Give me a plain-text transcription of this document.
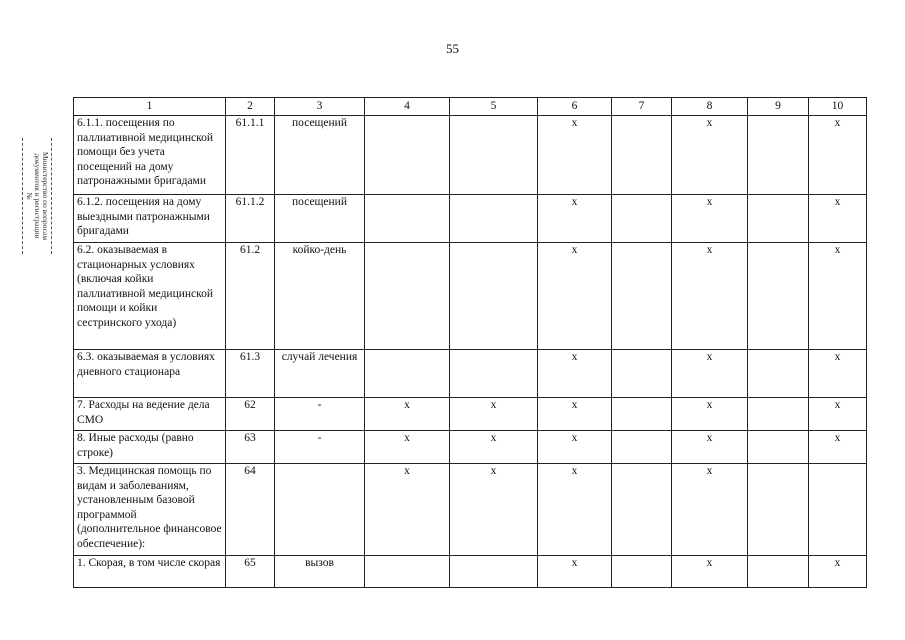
55
Министерство по вопросам
документов и регистрации
№
1	2	3	4	5	6	7	8	9	10
6.1.1. посещения по паллиативной медицинской помощи без учета посещений на дому патронажными бригадами	61.1.1	посещений			х		х		х
6.1.2. посещения на дому выездными патронажными бригадами	61.1.2	посещений			х		х		х
6.2. оказываемая в стационарных условиях (включая койки паллиативной медицинской помощи и койки сестринского ухода)	61.2	койко-день			х		х		х
6.3. оказываемая в условиях дневного стационара	61.3	случай лечения			х		х		х
7. Расходы на ведение дела СМО	62	-	х	х	х		х		х
8. Иные расходы (равно строке)	63	-	х	х	х		х		х
3. Медицинская помощь по видам и заболеваниям, установленным базовой программой (дополнительное финансовое обеспечение):	64		х	х	х		х		
1. Скорая, в том числе скорая	65	вызов			х		х		х
